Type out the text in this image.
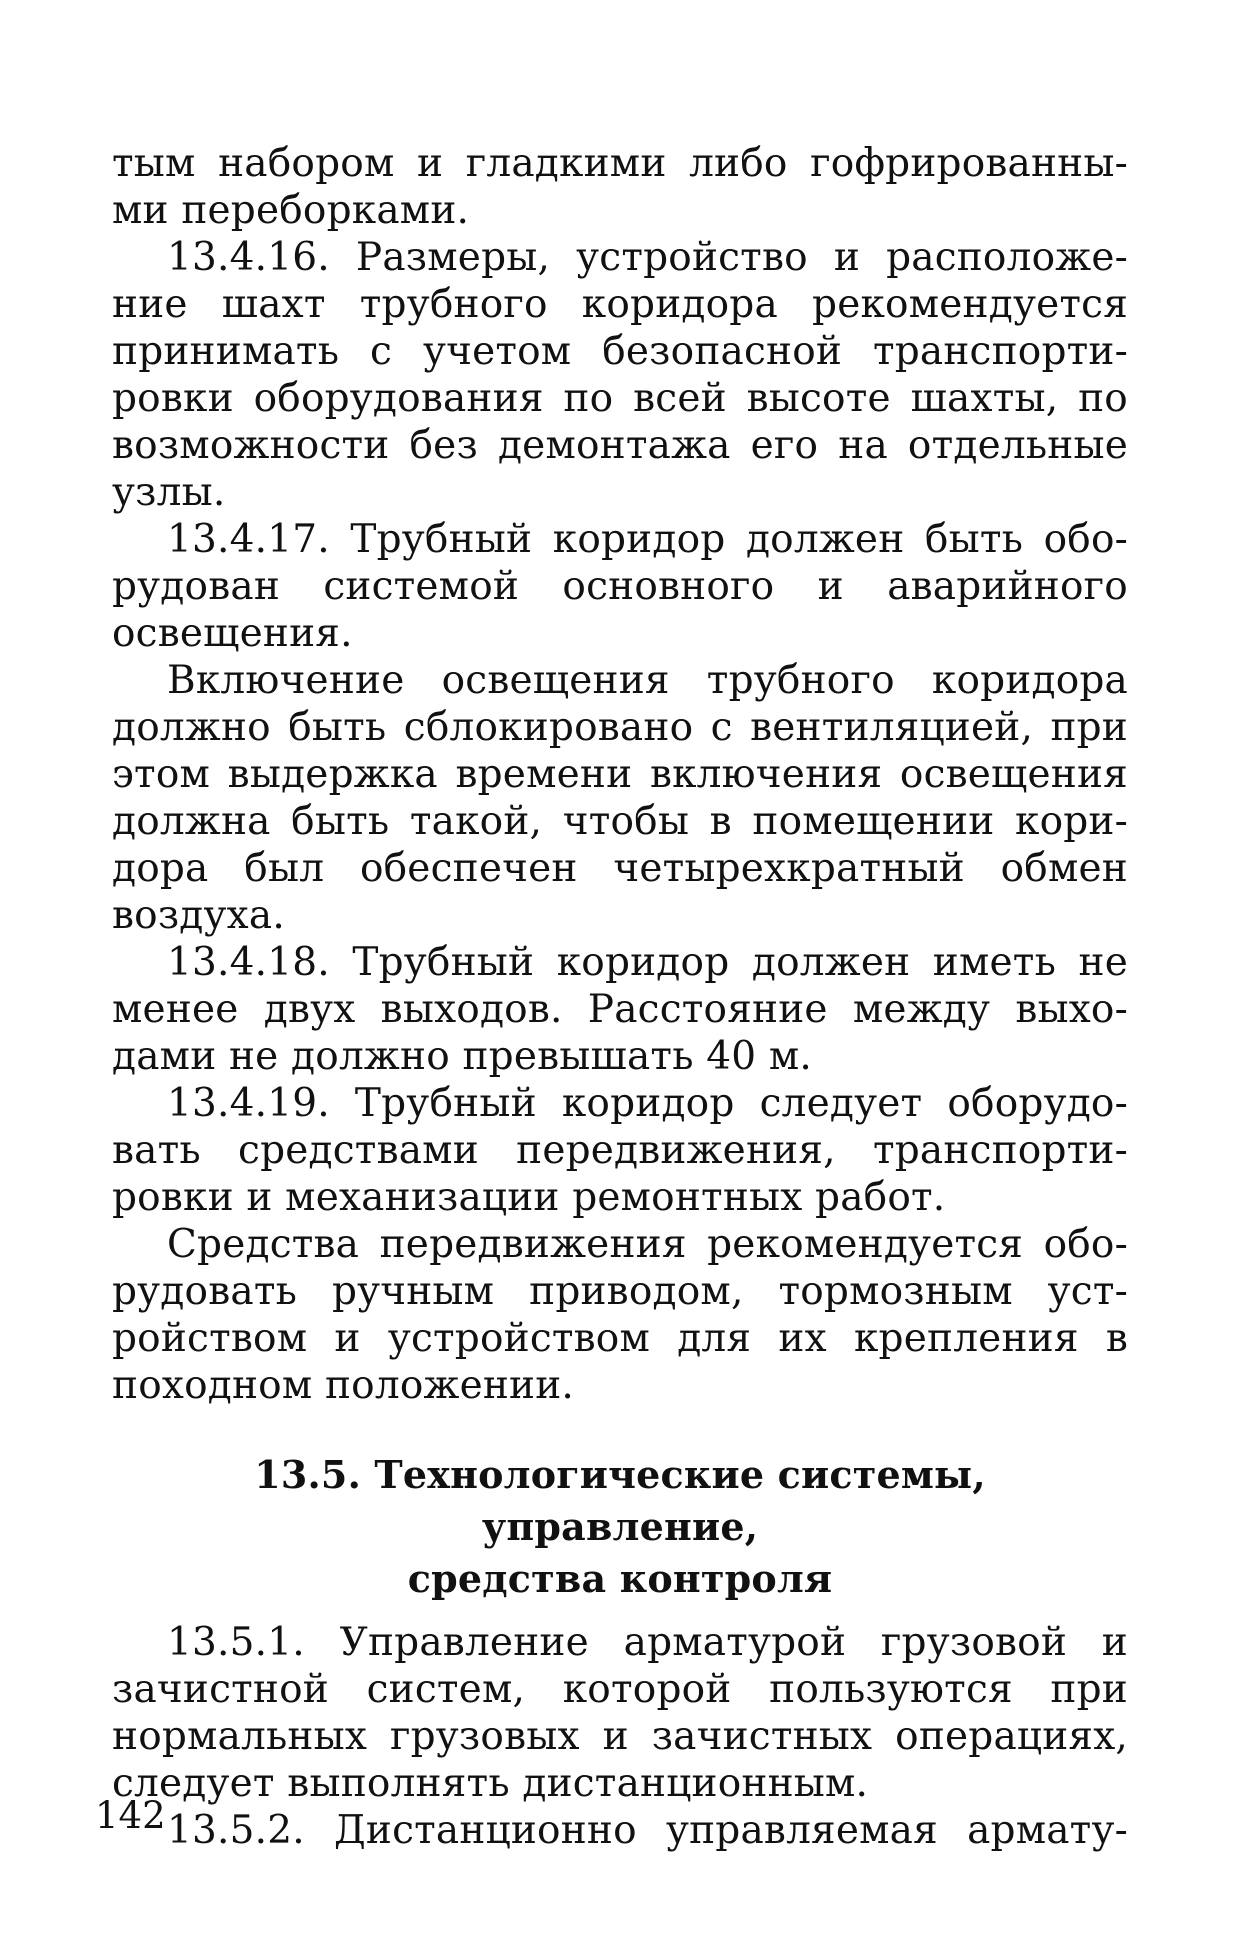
тым набором и гладкими либо гофрированны-
ми переборками.
13.4.16. Размеры, устройство и расположе-
ние шахт трубного коридора рекомендуется
принимать с учетом безопасной транспорти-
ровки оборудования по всей высоте шахты, по
возможности без демонтажа его на отдельные
узлы.
13.4.17. Трубный коридор должен быть обо-
рудован системой основного и аварийного
освещения.
Включение освещения трубного коридора
должно быть сблокировано с вентиляцией, при
этом выдержка времени включения освещения
должна быть такой, чтобы в помещении кори-
дора был обеспечен четырехкратный обмен
воздуха.
13.4.18. Трубный коридор должен иметь не
менее двух выходов. Расстояние между выхо-
дами не должно превышать 40 м.
13.4.19. Трубный коридор следует оборудо-
вать средствами передвижения, транспорти-
ровки и механизации ремонтных работ.
Средства передвижения рекомендуется обо-
рудовать ручным приводом, тормозным уст-
ройством и устройством для их крепления в
походном положении.
13.5. Технологические системы, управление,
средства контроля
13.5.1. Управление арматурой грузовой и
зачистной систем, которой пользуются при
нормальных грузовых и зачистных операциях,
следует выполнять дистанционным.
13.5.2. Дистанционно управляемая армату-
142
